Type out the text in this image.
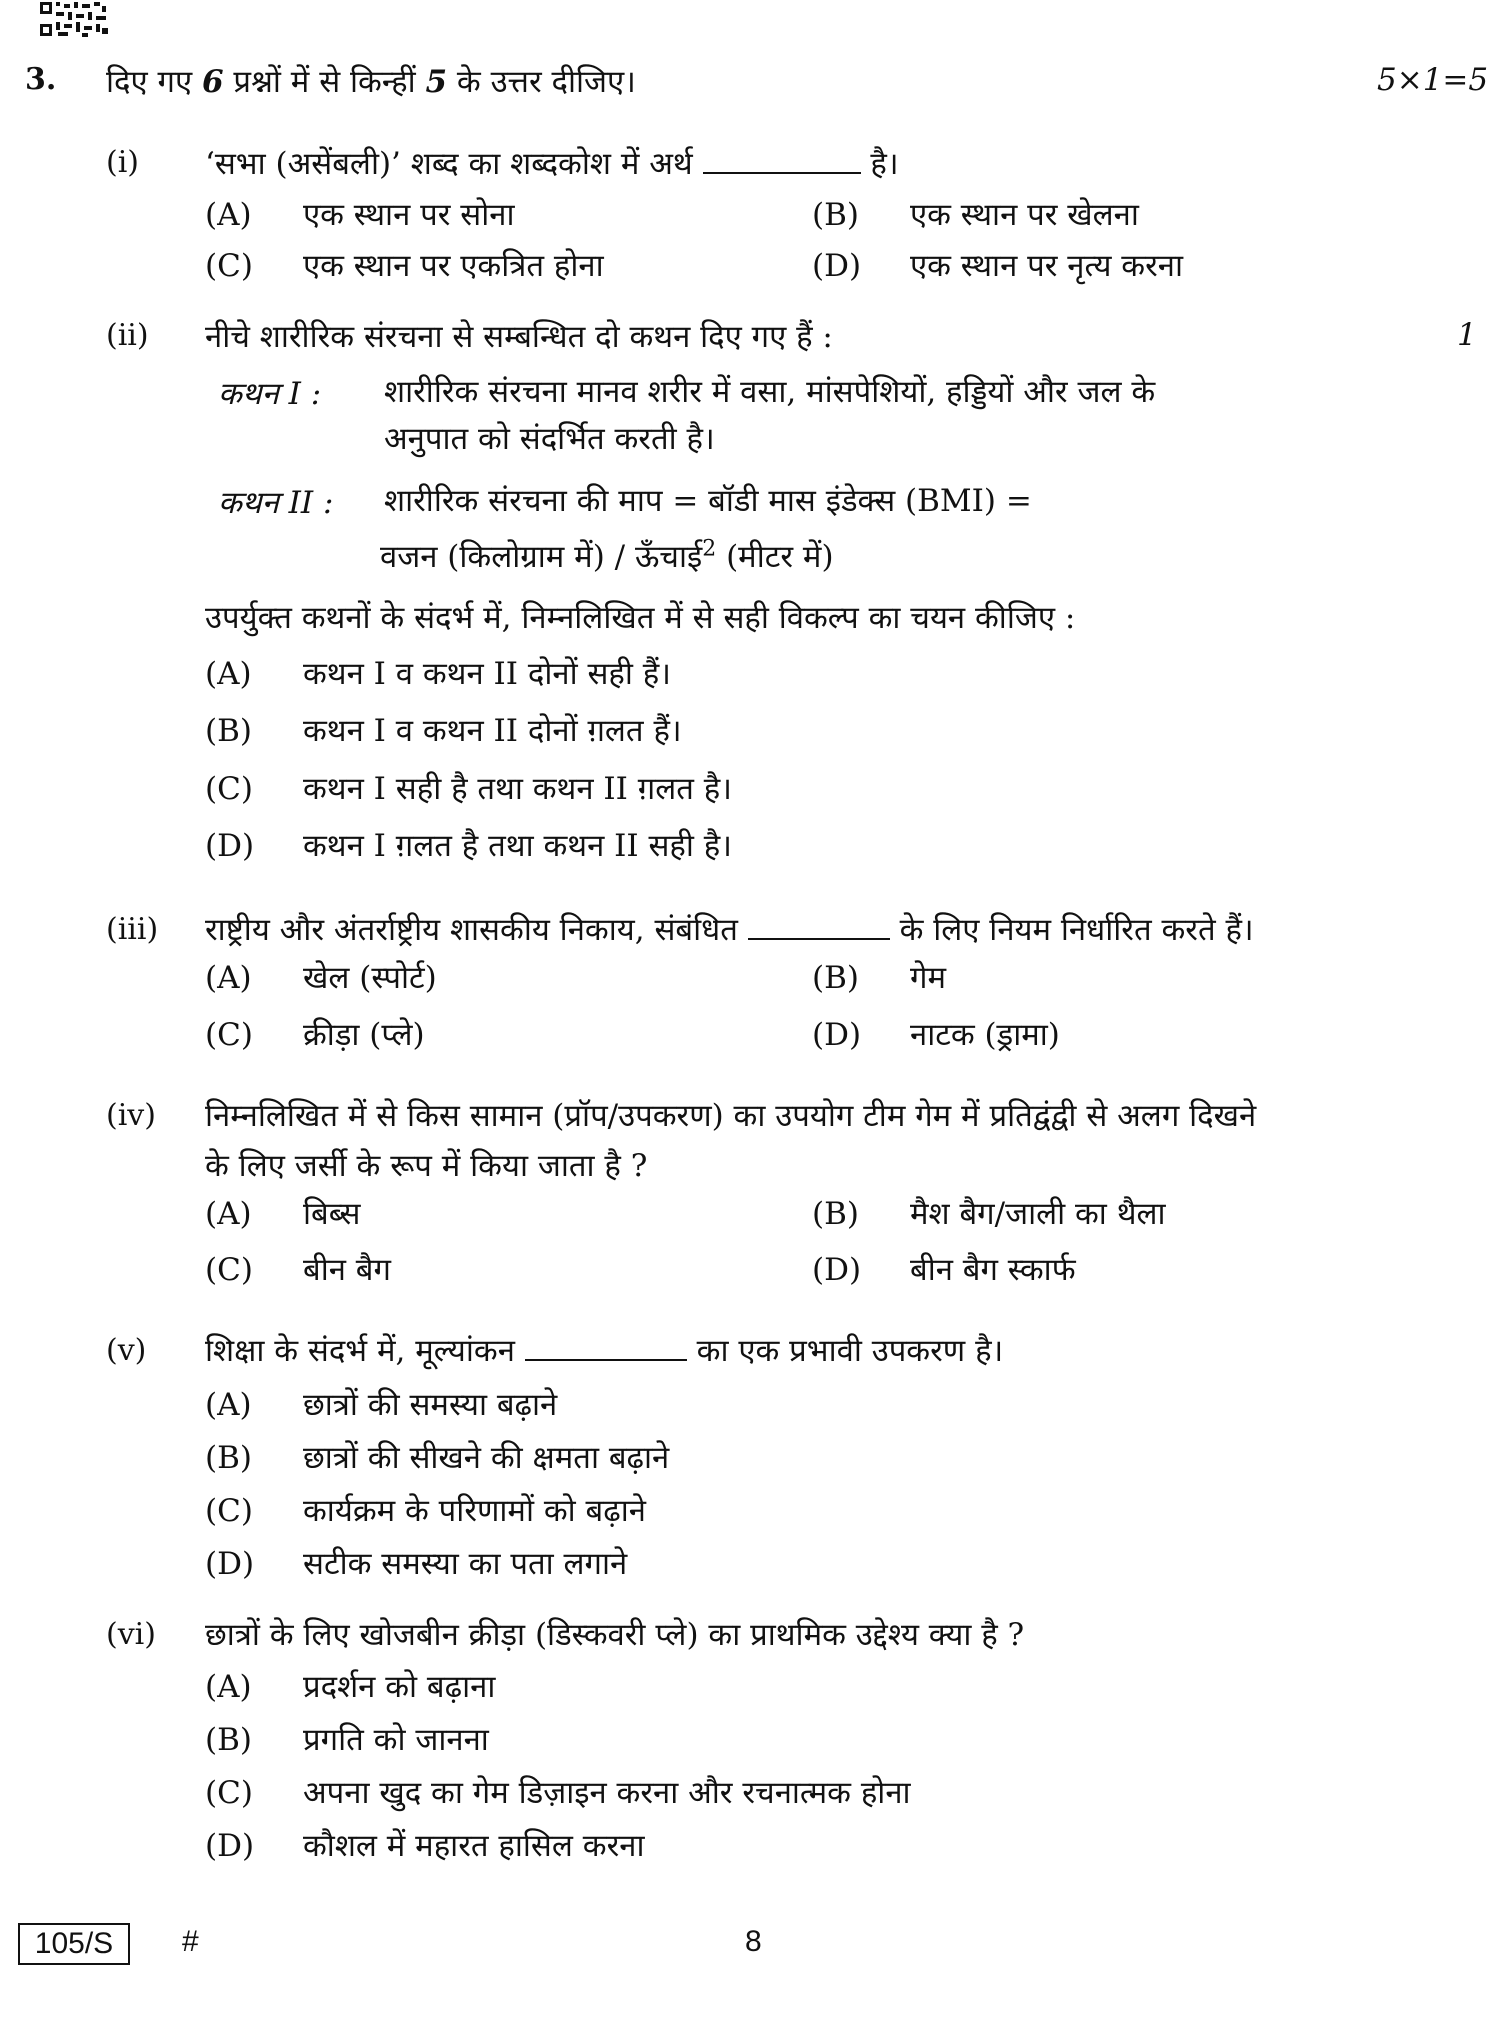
3. दिए गए 6 प्रश्नों में से किन्हीं 5 के उत्तर दीजिए।	5×1=5
(i) ‘सभा (असेंबली)’ शब्द का शब्दकोश में अर्थ	है।
(A) एक स्थान पर सोना	(B) एक स्थान पर खेलना
(C) एक स्थान पर एकत्रित होना	(D) एक स्थान पर नृत्य करना
(ii) नीचे शारीरिक संरचना से सम्बन्धित दो कथन दिए गए हैं :	1
कथन I : शारीरिक संरचना मानव शरीर में वसा, मांसपेशियों, हड्डियों और जल के
अनुपात को संदर्भित करती है।
कथन II : शारीरिक संरचना की माप = बॉडी मास इंडेक्स (BMI) =
वजन (किलोग्राम में) / ऊँचाई$^2$ (मीटर में)
उपर्युक्त कथनों के संदर्भ में, निम्नलिखित में से सही विकल्प का चयन कीजिए :
(A) कथन I व कथन II दोनों सही हैं।
(B) कथन I व कथन II दोनों ग़लत हैं।
(C) कथन I सही है तथा कथन II ग़लत है।
(D) कथन I ग़लत है तथा कथन II सही है।
(iii) राष्ट्रीय और अंतर्राष्ट्रीय शासकीय निकाय, संबंधित	के लिए नियम निर्धारित करते हैं।
(A) खेल (स्पोर्ट)	(B) गेम
(C) क्रीड़ा (प्ले)	(D) नाटक (ड्रामा)
(iv) निम्नलिखित में से किस सामान (प्रॉप/उपकरण) का उपयोग टीम गेम में प्रतिद्वंद्वी से अलग दिखने
के लिए जर्सी के रूप में किया जाता है ?
(A) बिब्स	(B) मैश बैग/जाली का थैला
(C) बीन बैग	(D) बीन बैग स्कार्फ
(v) शिक्षा के संदर्भ में, मूल्यांकन	का एक प्रभावी उपकरण है।
(A) छात्रों की समस्या बढ़ाने
(B) छात्रों की सीखने की क्षमता बढ़ाने
(C) कार्यक्रम के परिणामों को बढ़ाने
(D) सटीक समस्या का पता लगाने
(vi) छात्रों के लिए खोजबीन क्रीड़ा (डिस्कवरी प्ले) का प्राथमिक उद्देश्य क्या है ?
(A) प्रदर्शन को बढ़ाना
(B) प्रगति को जानना
(C) अपना खुद का गेम डिज़ाइन करना और रचनात्मक होना
(D) कौशल में महारत हासिल करना
105/S	#	8
